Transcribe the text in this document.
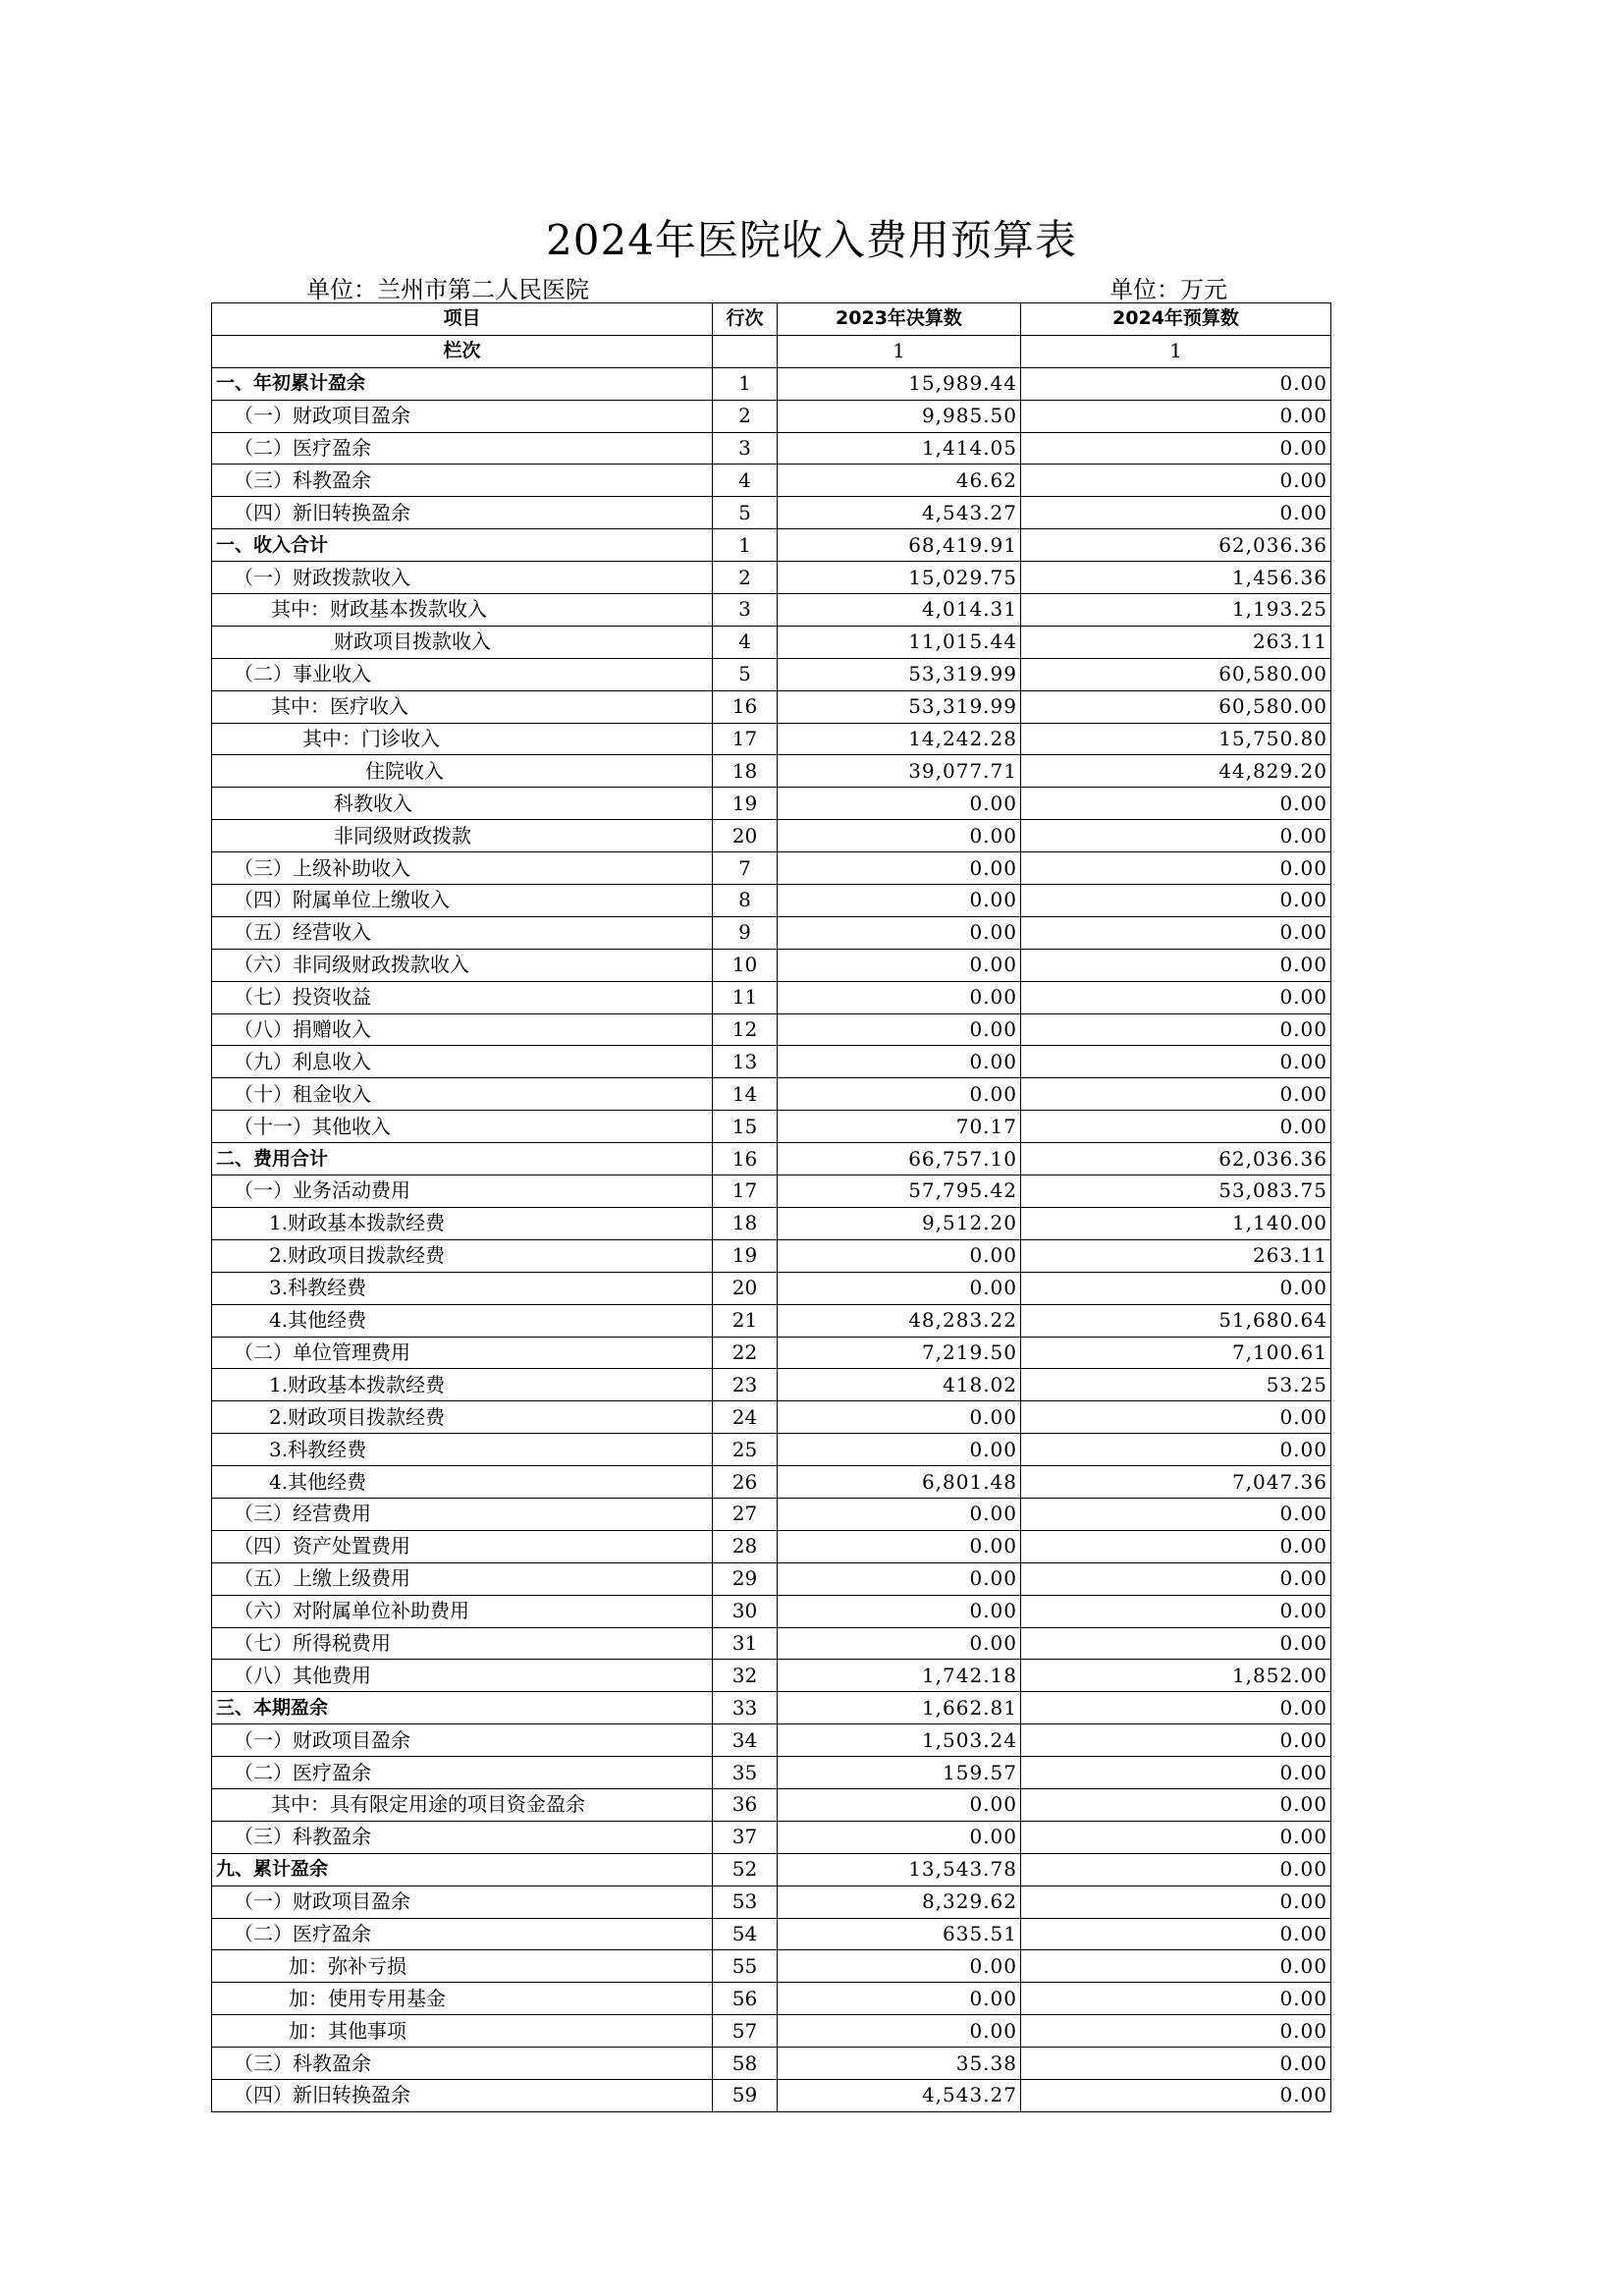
2024年医院收入费用预算表
单位：兰州市第二人民医院	单位：万元
项目	行次	2023年决算数	2024年预算数
栏次		1	1
一、年初累计盈余	1	15,989.44	0.00
（一）财政项目盈余	2	9,985.50	0.00
（二）医疗盈余	3	1,414.05	0.00
（三）科教盈余	4	46.62	0.00
（四）新旧转换盈余	5	4,543.27	0.00
一、收入合计	1	68,419.91	62,036.36
（一）财政拨款收入	2	15,029.75	1,456.36
其中：财政基本拨款收入	3	4,014.31	1,193.25
财政项目拨款收入	4	11,015.44	263.11
（二）事业收入	5	53,319.99	60,580.00
其中：医疗收入	16	53,319.99	60,580.00
其中：门诊收入	17	14,242.28	15,750.80
住院收入	18	39,077.71	44,829.20
科教收入	19	0.00	0.00
非同级财政拨款	20	0.00	0.00
（三）上级补助收入	7	0.00	0.00
（四）附属单位上缴收入	8	0.00	0.00
（五）经营收入	9	0.00	0.00
（六）非同级财政拨款收入	10	0.00	0.00
（七）投资收益	11	0.00	0.00
（八）捐赠收入	12	0.00	0.00
（九）利息收入	13	0.00	0.00
（十）租金收入	14	0.00	0.00
（十一）其他收入	15	70.17	0.00
二、费用合计	16	66,757.10	62,036.36
（一）业务活动费用	17	57,795.42	53,083.75
1.财政基本拨款经费	18	9,512.20	1,140.00
2.财政项目拨款经费	19	0.00	263.11
3.科教经费	20	0.00	0.00
4.其他经费	21	48,283.22	51,680.64
（二）单位管理费用	22	7,219.50	7,100.61
1.财政基本拨款经费	23	418.02	53.25
2.财政项目拨款经费	24	0.00	0.00
3.科教经费	25	0.00	0.00
4.其他经费	26	6,801.48	7,047.36
（三）经营费用	27	0.00	0.00
（四）资产处置费用	28	0.00	0.00
（五）上缴上级费用	29	0.00	0.00
（六）对附属单位补助费用	30	0.00	0.00
（七）所得税费用	31	0.00	0.00
（八）其他费用	32	1,742.18	1,852.00
三、本期盈余	33	1,662.81	0.00
（一）财政项目盈余	34	1,503.24	0.00
（二）医疗盈余	35	159.57	0.00
其中：具有限定用途的项目资金盈余	36	0.00	0.00
（三）科教盈余	37	0.00	0.00
九、累计盈余	52	13,543.78	0.00
（一）财政项目盈余	53	8,329.62	0.00
（二）医疗盈余	54	635.51	0.00
加：弥补亏损	55	0.00	0.00
加：使用专用基金	56	0.00	0.00
加：其他事项	57	0.00	0.00
（三）科教盈余	58	35.38	0.00
（四）新旧转换盈余	59	4,543.27	0.00
